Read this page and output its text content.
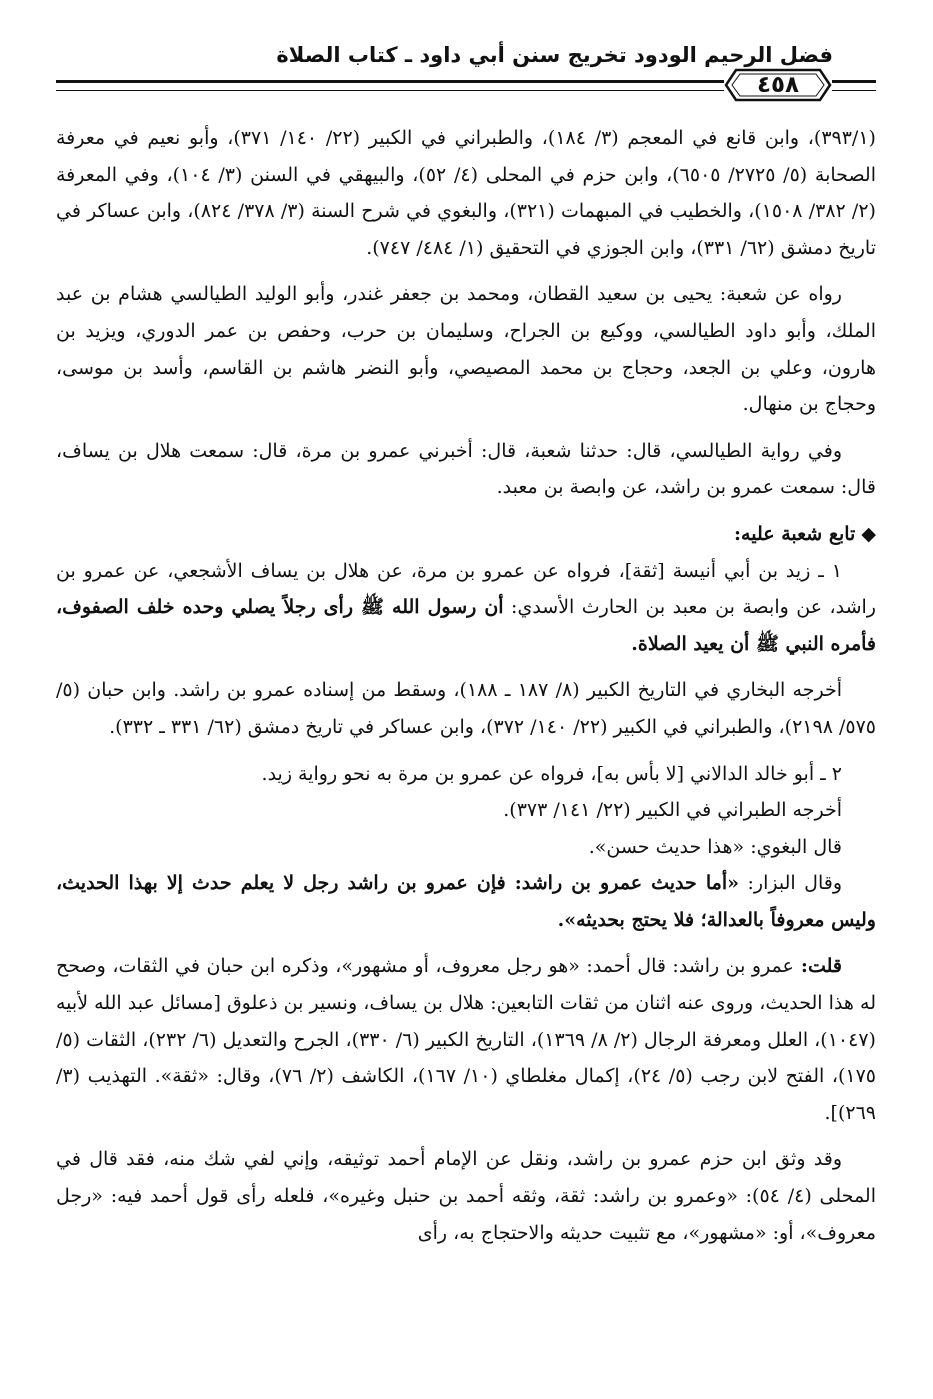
فضل الرحيم الودود تخريج سنن أبي داود ـ كتاب الصلاة
٤٥٨

(٣٩٣/١)، وابن قانع في المعجم (٣/ ١٨٤)، والطبراني في الكبير (٢٢/ ١٤٠/ ٣٧١)، وأبو نعيم في معرفة الصحابة (٥/ ٢٧٢٥/ ٦٥٠٥)، وابن حزم في المحلى (٤/ ٥٢)، والبيهقي في السنن (٣/ ١٠٤)، وفي المعرفة (٢/ ٣٨٢/ ١٥٠٨)، والخطيب في المبهمات (٣٢١)، والبغوي في شرح السنة (٣/ ٣٧٨/ ٨٢٤)، وابن عساكر في تاريخ دمشق (٦٢/ ٣٣١)، وابن الجوزي في التحقيق (١/ ٤٨٤/ ٧٤٧).

رواه عن شعبة: يحيى بن سعيد القطان، ومحمد بن جعفر غندر، وأبو الوليد الطيالسي هشام بن عبد الملك، وأبو داود الطيالسي، ووكيع بن الجراح، وسليمان بن حرب، وحفص بن عمر الدوري، ويزيد بن هارون، وعلي بن الجعد، وحجاج بن محمد المصيصي، وأبو النضر هاشم بن القاسم، وأسد بن موسى، وحجاج بن منهال.

وفي رواية الطيالسي، قال: حدثنا شعبة، قال: أخبرني عمرو بن مرة، قال: سمعت هلال بن يساف، قال: سمعت عمرو بن راشد، عن وابصة بن معبد.

◆ تابع شعبة عليه:

١ ـ زيد بن أبي أنيسة [ثقة]، فرواه عن عمرو بن مرة، عن هلال بن يساف الأشجعي، عن عمرو بن راشد، عن وابصة بن معبد بن الحارث الأسدي: أن رسول الله ﷺ رأى رجلاً يصلي وحده خلف الصفوف، فأمره النبي ﷺ أن يعيد الصلاة.

أخرجه البخاري في التاريخ الكبير (٨/ ١٨٧ ـ ١٨٨)، وسقط من إسناده عمرو بن راشد. وابن حبان (٥/ ٥٧٥/ ٢١٩٨)، والطبراني في الكبير (٢٢/ ١٤٠/ ٣٧٢)، وابن عساكر في تاريخ دمشق (٦٢/ ٣٣١ ـ ٣٣٢).

٢ ـ أبو خالد الدالاني [لا بأس به]، فرواه عن عمرو بن مرة به نحو رواية زيد.

أخرجه الطبراني في الكبير (٢٢/ ١٤١/ ٣٧٣).

قال البغوي: «هذا حديث حسن».

وقال البزار: «أما حديث عمرو بن راشد: فإن عمرو بن راشد رجل لا يعلم حدث إلا بهذا الحديث، وليس معروفاً بالعدالة؛ فلا يحتج بحديثه».

قلت: عمرو بن راشد: قال أحمد: «هو رجل معروف، أو مشهور»، وذكره ابن حبان في الثقات، وصحح له هذا الحديث، وروى عنه اثنان من ثقات التابعين: هلال بن يساف، ونسير بن ذعلوق [مسائل عبد الله لأبيه (١٠٤٧)، العلل ومعرفة الرجال (٢/ ٨/ ١٣٦٩)، التاريخ الكبير (٦/ ٣٣٠)، الجرح والتعديل (٦/ ٢٣٢)، الثقات (٥/ ١٧٥)، الفتح لابن رجب (٥/ ٢٤)، إكمال مغلطاي (١٠/ ١٦٧)، الكاشف (٢/ ٧٦)، وقال: «ثقة». التهذيب (٣/ ٢٦٩)].

وقد وثق ابن حزم عمرو بن راشد، ونقل عن الإمام أحمد توثيقه، وإني لفي شك منه، فقد قال في المحلى (٤/ ٥٤): «وعمرو بن راشد: ثقة، وثقه أحمد بن حنبل وغيره»، فلعله رأى قول أحمد فيه: «رجل معروف»، أو: «مشهور»، مع تثبيت حديثه والاحتجاج به، رأى
